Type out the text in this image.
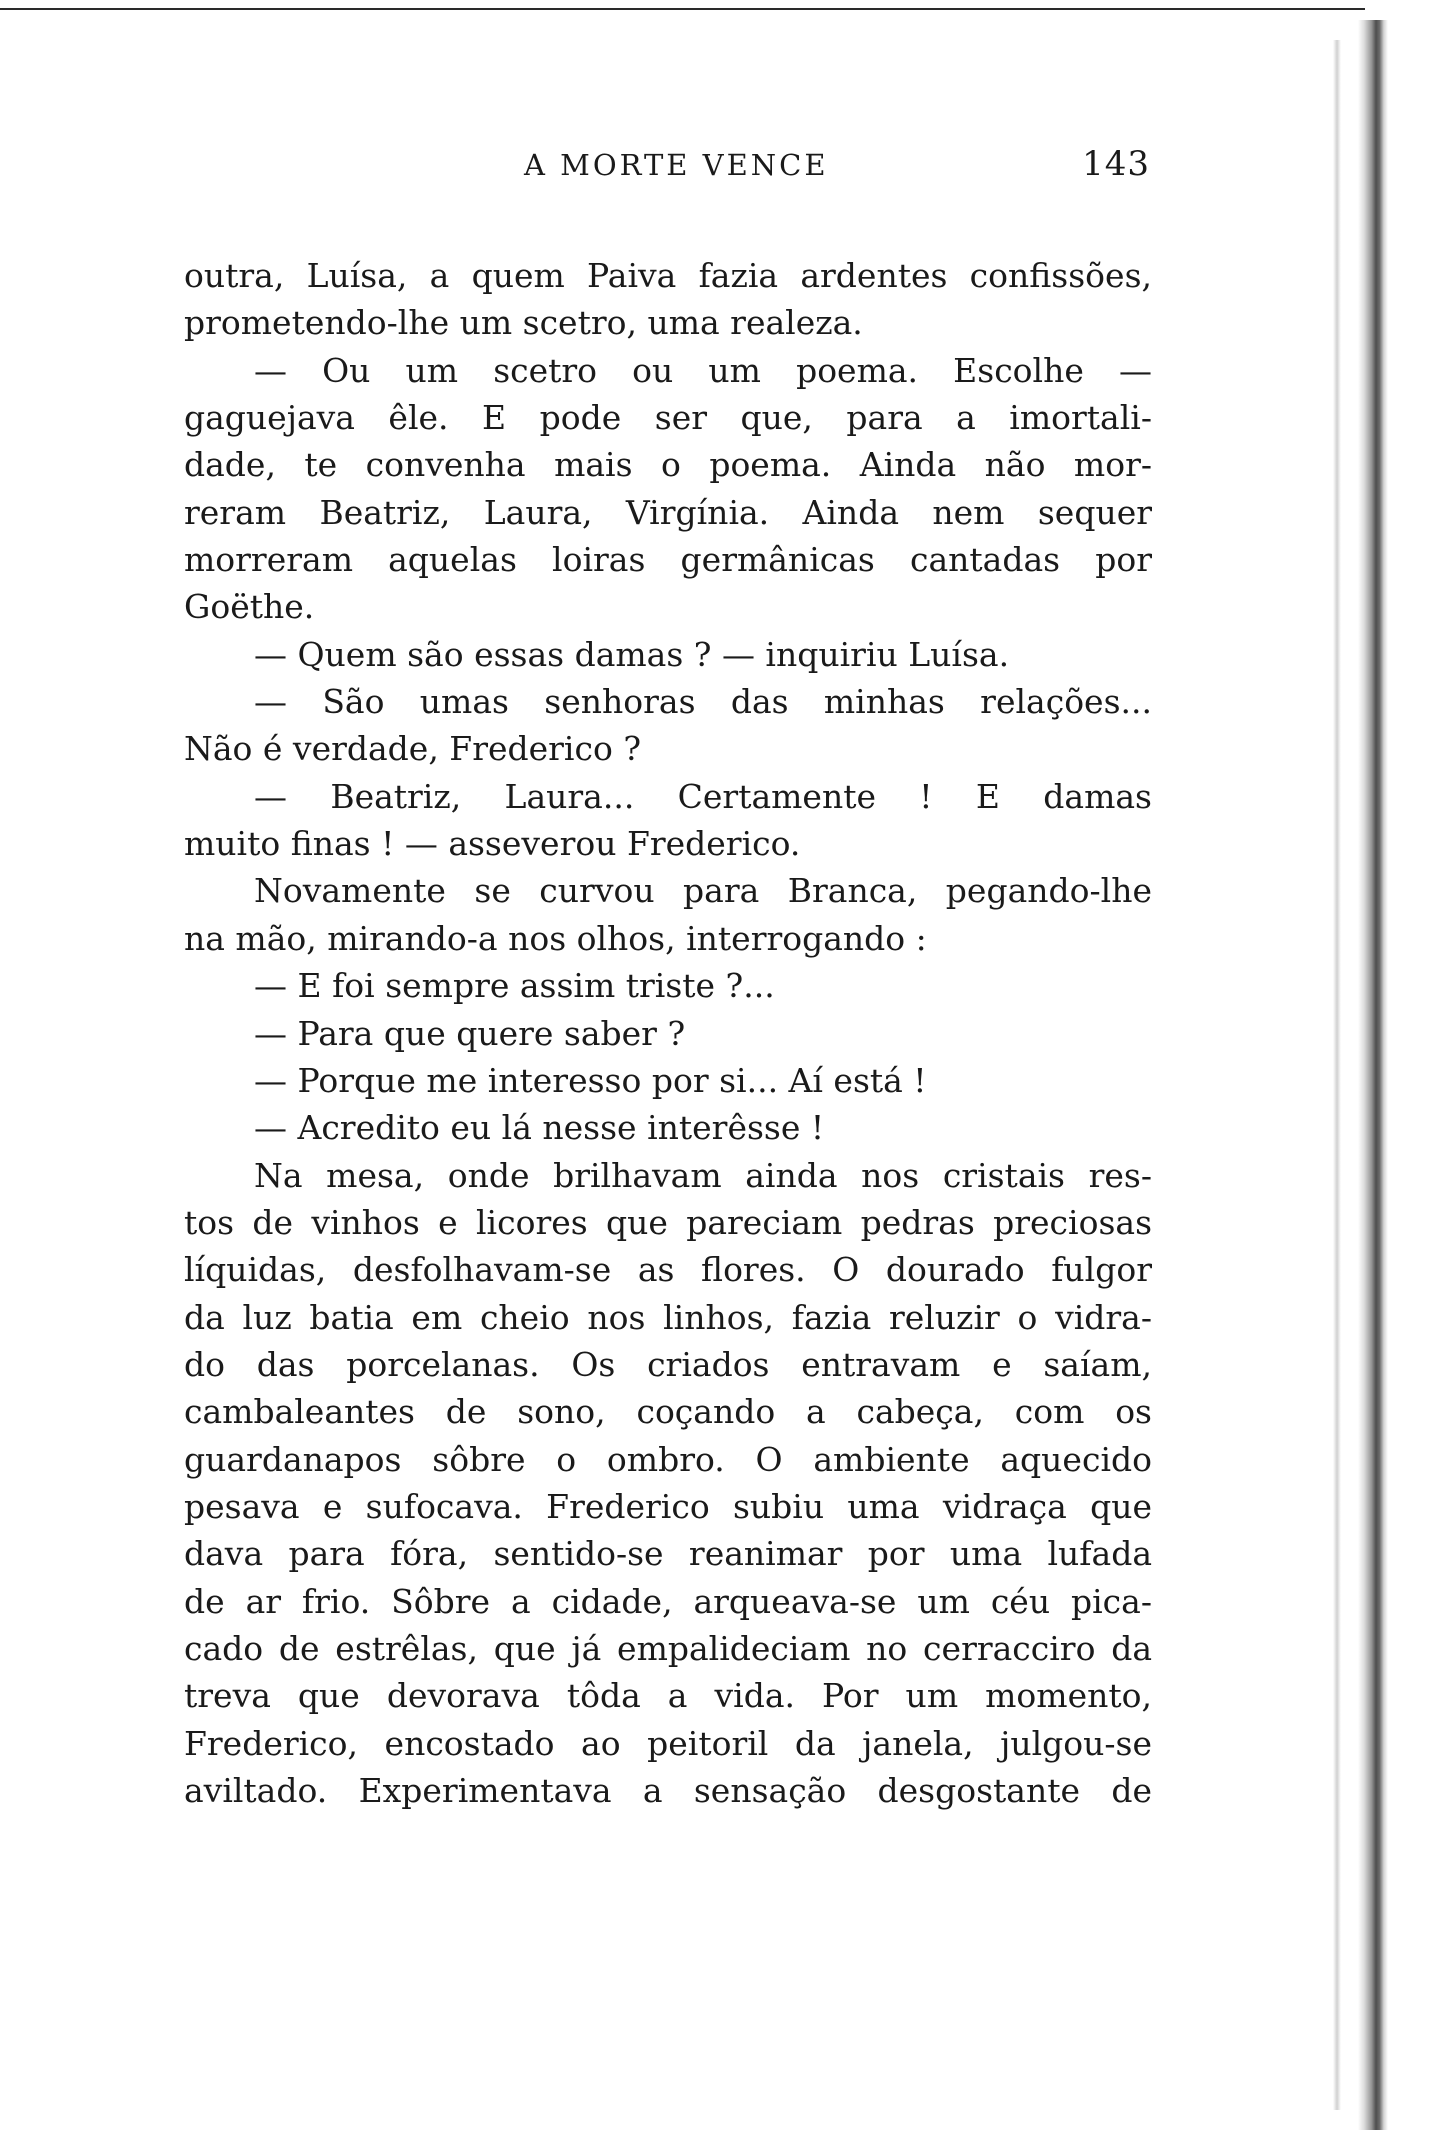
A MORTE VENCE	143
outra, Luísa, a quem Paiva fazia ardentes confissões,
prometendo-lhe um scetro, uma realeza.
— Ou um scetro ou um poema. Escolhe —
gaguejava êle. E pode ser que, para a imortali-
dade, te convenha mais o poema. Ainda não mor-
reram Beatriz, Laura, Virgínia. Ainda nem sequer
morreram aquelas loiras germânicas cantadas por
Goëthe.
— Quem são essas damas ? — inquiriu Luísa.
— São umas senhoras das minhas relações...
Não é verdade, Frederico ?
— Beatriz, Laura... Certamente ! E damas
muito finas ! — asseverou Frederico.
Novamente se curvou para Branca, pegando-lhe
na mão, mirando-a nos olhos, interrogando :
— E foi sempre assim triste ?...
— Para que quere saber ?
— Porque me interesso por si... Aí está !
— Acredito eu lá nesse interêsse !
Na mesa, onde brilhavam ainda nos cristais res-
tos de vinhos e licores que pareciam pedras preciosas
líquidas, desfolhavam-se as flores. O dourado fulgor
da luz batia em cheio nos linhos, fazia reluzir o vidra-
do das porcelanas. Os criados entravam e saíam,
cambaleantes de sono, coçando a cabeça, com os
guardanapos sôbre o ombro. O ambiente aquecido
pesava e sufocava. Frederico subiu uma vidraça que
dava para fóra, sentido-se reanimar por uma lufada
de ar frio. Sôbre a cidade, arqueava-se um céu pica-
cado de estrêlas, que já empalideciam no cerracciro da
treva que devorava tôda a vida. Por um momento,
Frederico, encostado ao peitoril da janela, julgou-se
aviltado. Experimentava a sensação desgostante de
